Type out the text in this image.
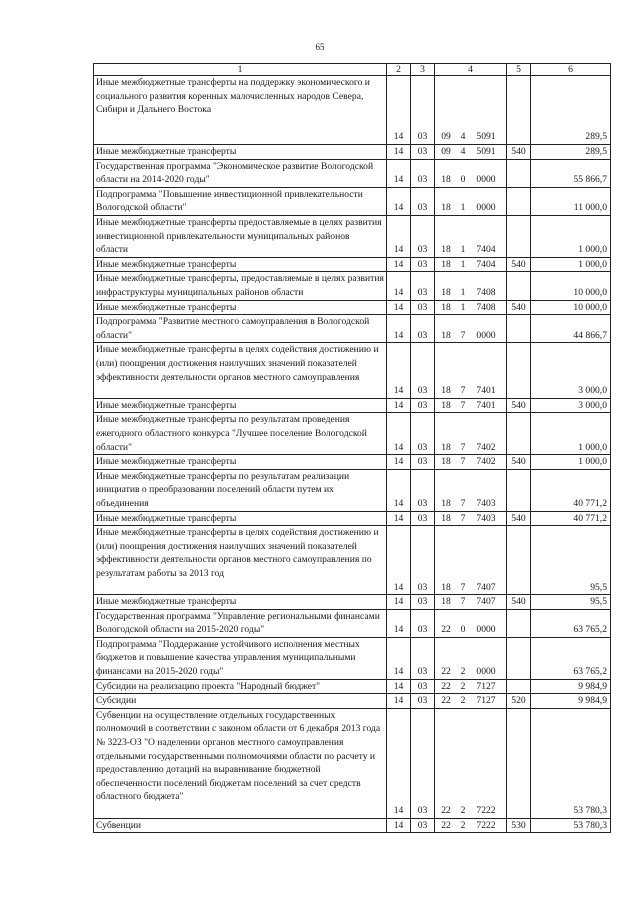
65
1	2	3	4	5	6
Иные межбюджетные трансферты на поддержку экономического и социального развития коренных малочисленных народов Севера, Сибири и Дальнего Востока	14	03	09 4 5091		289,5
Иные межбюджетные трансферты	14	03	09 4 5091	540	289,5
Государственная программа "Экономическое развитие Вологодской области на 2014-2020 годы"	14	03	18 0 0000		55 866,7
Подпрограмма "Повышение инвестиционной привлекательности Вологодской области"	14	03	18 1 0000		11 000,0
Иные межбюджетные трансферты предоставляемые в целях развития инвестиционной привлекательности муниципальных районов области	14	03	18 1 7404		1 000,0
Иные межбюджетные трансферты	14	03	18 1 7404	540	1 000,0
Иные межбюджетные трансферты, предоставляемые в целях развития инфраструктуры муниципальных районов области	14	03	18 1 7408		10 000,0
Иные межбюджетные трансферты	14	03	18 1 7408	540	10 000,0
Подпрограмма "Развитие местного самоуправления в Вологодской области"	14	03	18 7 0000		44 866,7
Иные межбюджетные трансферты в целях содействия достижению и (или) поощрения достижения наилучших значений показателей эффективности деятельности органов местного самоуправления	14	03	18 7 7401		3 000,0
Иные межбюджетные трансферты	14	03	18 7 7401	540	3 000,0
Иные межбюджетные трансферты по результатам проведения ежегодного областного конкурса "Лучшее поселение Вологодской области"	14	03	18 7 7402		1 000,0
Иные межбюджетные трансферты	14	03	18 7 7402	540	1 000,0
Иные межбюджетные трансферты по результатам реализации инициатив о преобразовании поселений области путем их объединения	14	03	18 7 7403		40 771,2
Иные межбюджетные трансферты	14	03	18 7 7403	540	40 771,2
Иные межбюджетные трансферты в целях содействия достижению и (или) поощрения достижения наилучших значений показателей эффективности деятельности органов местного самоуправления по результатам работы за 2013 год	14	03	18 7 7407		95,5
Иные межбюджетные трансферты	14	03	18 7 7407	540	95,5
Государственная программа "Управление региональными финансами Вологодской области на 2015-2020 годы"	14	03	22 0 0000		63 765,2
Подпрограмма "Поддержание устойчивого исполнения местных бюджетов и повышение качества управления муниципальными финансами на 2015-2020 годы"	14	03	22 2 0000		63 765,2
Субсидии на реализацию проекта "Народный бюджет"	14	03	22 2 7127		9 984,9
Субсидии	14	03	22 2 7127	520	9 984,9
Субвенции на осуществление отдельных государственных полномочий в соответствии с законом области от 6 декабря 2013 года № 3223-ОЗ "О наделении органов местного самоуправления отдельными государственными полномочиями области по расчету и предоставлению дотаций на выравнивание бюджетной обеспеченности поселений бюджетам поселений за счет средств областного бюджета"	14	03	22 2 7222		53 780,3
Субвенции	14	03	22 2 7222	530	53 780,3
